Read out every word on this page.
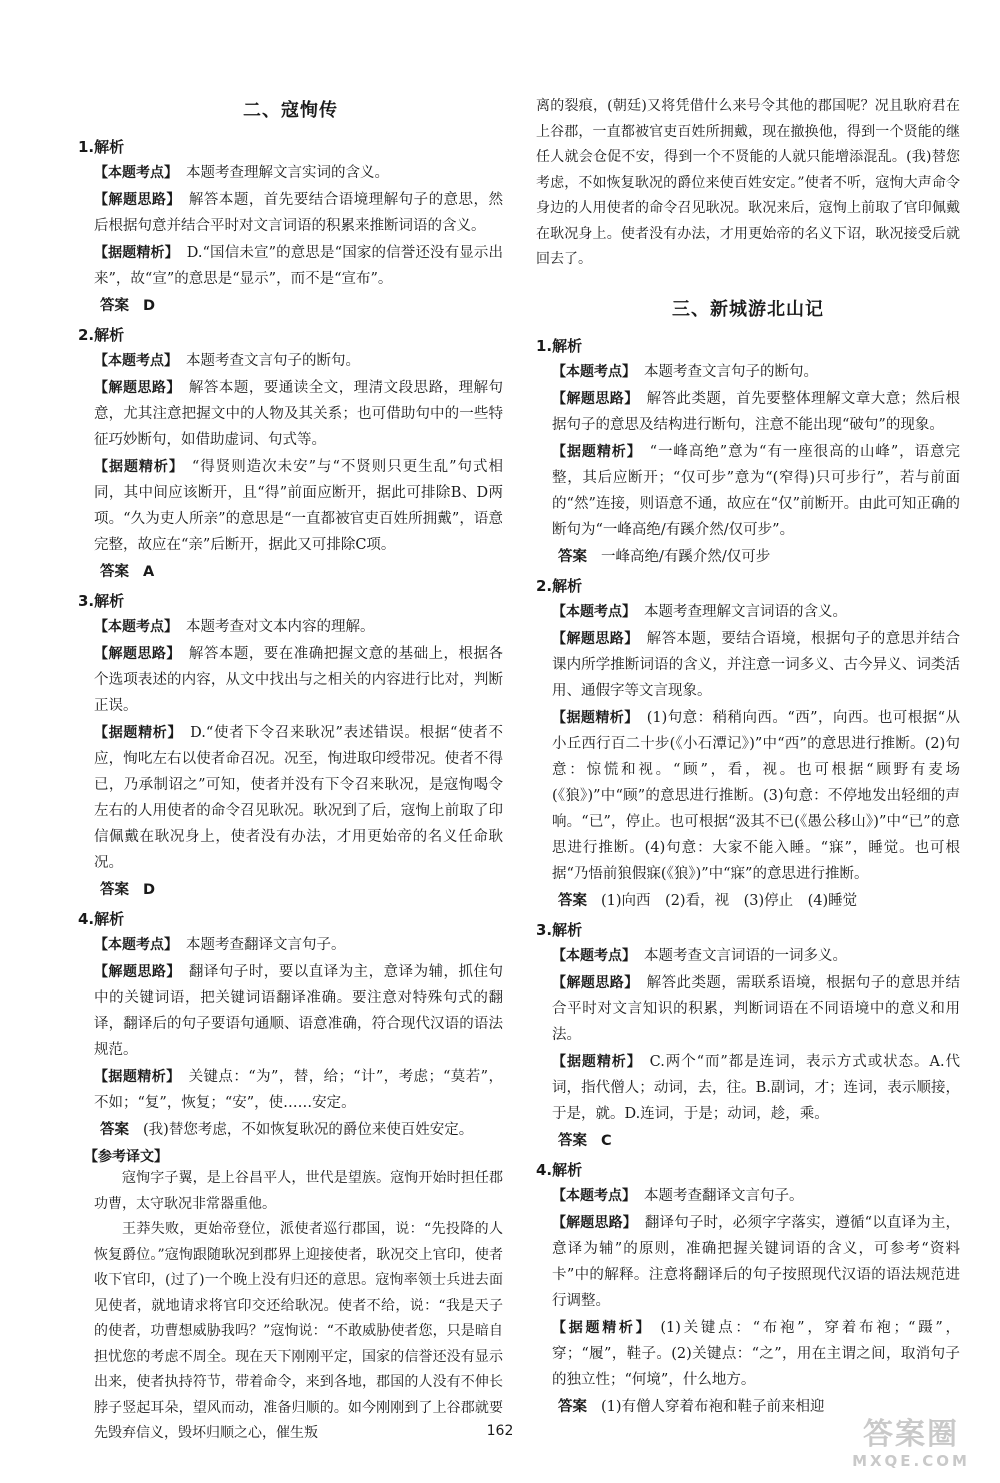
二、寇恂传
1.解析

【本题考点】 本题考查理解文言实词的含义。

【解题思路】 解答本题，首先要结合语境理解句子的意思，然后根据句意并结合平时对文言词语的积累来推断词语的含义。

【据题精析】 D.“国信未宣”的意思是“国家的信誉还没有显示出来”，故“宣”的意思是“显示”，而不是“宣布”。

答案 D
2.解析

【本题考点】 本题考查文言句子的断句。

【解题思路】 解答本题，要通读全文，理清文段思路，理解句意，尤其注意把握文中的人物及其关系；也可借助句中的一些特征巧妙断句，如借助虚词、句式等。

【据题精析】 “得贤则造次未安”与“不贤则只更生乱”句式相同，其中间应该断开，且“得”前面应断开，据此可排除B、D两项。“久为吏人所亲”的意思是“一直都被官吏百姓所拥戴”，语意完整，故应在“亲”后断开，据此又可排除C项。

答案 A
3.解析

【本题考点】 本题考查对文本内容的理解。

【解题思路】 解答本题，要在准确把握文意的基础上，根据各个选项表述的内容，从文中找出与之相关的内容进行比对，判断正误。

【据题精析】 D.“使者下令召来耿况”表述错误。根据“使者不应，恂叱左右以使者命召况。况至，恂进取印绶带况。使者不得已，乃承制诏之”可知，使者并没有下令召来耿况，是寇恂喝令左右的人用使者的命令召见耿况。耿况到了后，寇恂上前取了印信佩戴在耿况身上，使者没有办法，才用更始帝的名义任命耿况。

答案 D
4.解析

【本题考点】 本题考查翻译文言句子。

【解题思路】 翻译句子时，要以直译为主，意译为辅，抓住句中的关键词语，把关键词语翻译准确。要注意对特殊句式的翻译，翻译后的句子要语句通顺、语意准确，符合现代汉语的语法规范。

【据题精析】 关键点：“为”，替，给；“计”，考虑；“莫若”，不如；“复”，恢复；“安”，使……安定。

答案 (我)替您考虑，不如恢复耿况的爵位来使百姓安定。
【参考译文】

寇恂字子翼，是上谷昌平人，世代是望族。寇恂开始时担任郡功曹，太守耿况非常器重他。

王莽失败，更始帝登位，派使者巡行郡国，说：“先投降的人恢复爵位。”寇恂跟随耿况到郡界上迎接使者，耿况交上官印，使者收下官印，(过了)一个晚上没有归还的意思。寇恂率领士兵进去面见使者，就地请求将官印交还给耿况。使者不给，说：“我是天子的使者，功曹想威胁我吗？”寇恂说：“不敢威胁使者您，只是暗自担忧您的考虑不周全。现在天下刚刚平定，国家的信誉还没有显示出来，使者执持符节，带着命令，来到各地，郡国的人没有不伸长脖子竖起耳朵，望风而动，准备归顺的。如今刚刚到了上谷郡就要先毁弃信义，毁坏归顺之心，催生叛

离的裂痕，(朝廷)又将凭借什么来号令其他的郡国呢？况且耿府君在上谷郡，一直都被官吏百姓所拥戴，现在撤换他，得到一个贤能的继任人就会仓促不安，得到一个不贤能的人就只能增添混乱。(我)替您考虑，不如恢复耿况的爵位来使百姓安定。”使者不听，寇恂大声命令身边的人用使者的命令召见耿况。耿况来后，寇恂上前取了官印佩戴在耿况身上。使者没有办法，才用更始帝的名义下诏，耿况接受后就回去了。

三、新城游北山记
1.解析

【本题考点】 本题考查文言句子的断句。

【解题思路】 解答此类题，首先要整体理解文章大意；然后根据句子的意思及结构进行断句，注意不能出现“破句”的现象。

【据题精析】 “一峰高绝”意为“有一座很高的山峰”，语意完整，其后应断开；“仅可步”意为“(窄得)只可步行”，若与前面的“然”连接，则语意不通，故应在“仅”前断开。由此可知正确的断句为“一峰高绝/有蹊介然/仅可步”。

答案 一峰高绝/有蹊介然/仅可步
2.解析

【本题考点】 本题考查理解文言词语的含义。

【解题思路】 解答本题，要结合语境，根据句子的意思并结合课内所学推断词语的含义，并注意一词多义、古今异义、词类活用、通假字等文言现象。

【据题精析】 (1)句意：稍稍向西。“西”，向西。也可根据“从小丘西行百二十步(《小石潭记》)”中“西”的意思进行推断。(2)句意：惊慌和视。“顾”，看，视。也可根据“顾野有麦场(《狼》)”中“顾”的意思进行推断。(3)句意：不停地发出轻细的声响。“已”，停止。也可根据“汲其不已(《愚公移山》)”中“已”的意思进行推断。(4)句意：大家不能入睡。“寐”，睡觉。也可根据“乃悟前狼假寐(《狼》)”中“寐”的意思进行推断。

答案 (1)向西　(2)看，视　(3)停止　(4)睡觉
3.解析

【本题考点】 本题考查文言词语的一词多义。

【解题思路】 解答此类题，需联系语境，根据句子的意思并结合平时对文言知识的积累，判断词语在不同语境中的意义和用法。

【据题精析】 C.两个“而”都是连词，表示方式或状态。A.代词，指代僧人；动词，去，往。B.副词，才；连词，表示顺接，于是，就。D.连词，于是；动词，趁，乘。

答案 C
4.解析

【本题考点】 本题考查翻译文言句子。

【解题思路】 翻译句子时，必须字字落实，遵循“以直译为主，意译为辅”的原则，准确把握关键词语的含义，可参考“资料卡”中的解释。注意将翻译后的句子按照现代汉语的语法规范进行调整。

【据题精析】 (1)关键点：“布袍”，穿着布袍；“蹑”，穿；“履”，鞋子。(2)关键点：“之”，用在主谓之间，取消句子的独立性；“何境”，什么地方。

答案 (1)有僧人穿着布袍和鞋子前来相迎
162	答案圈
MXQE.COM
